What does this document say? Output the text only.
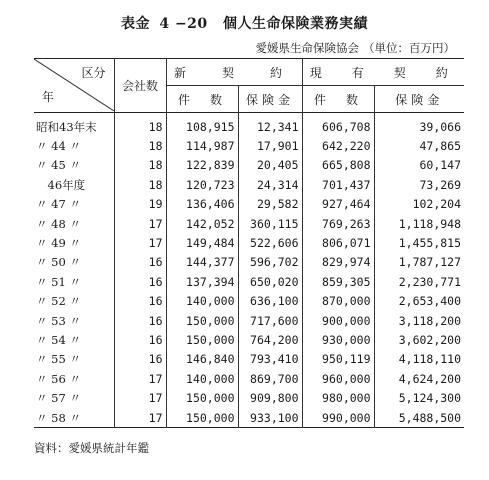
表金 4 −20 個人生命保険業務実績
愛媛県生命保険協会 （単位：百万円）
区分
年	会社数	新　契　約		現　有　契　約	
		件　数	保険金	件　数	保険金
昭和43年末	18	108,915	12,341	606,708	39,066
〃 44 〃	18	114,987	17,901	642,220	47,865
〃 45 〃	18	122,839	20,405	665,808	60,147
　46年度	18	120,723	24,314	701,437	73,269
〃 47 〃	19	136,406	29,582	927,464	102,204
〃 48 〃	17	142,052	360,115	769,263	1,118,948
〃 49 〃	17	149,484	522,606	806,071	1,455,815
〃 50 〃	16	144,377	596,702	829,974	1,787,127
〃 51 〃	16	137,394	650,020	859,305	2,230,771
〃 52 〃	16	140,000	636,100	870,000	2,653,400
〃 53 〃	16	150,000	717,600	900,000	3,118,200
〃 54 〃	16	150,000	764,200	930,000	3,602,200
〃 55 〃	16	146,840	793,410	950,119	4,118,110
〃 56 〃	17	140,000	869,700	960,000	4,624,200
〃 57 〃	17	150,000	909,800	980,000	5,124,300
〃 58 〃	17	150,000	933,100	990,000	5,488,500
資料：愛媛県統計年鑑
